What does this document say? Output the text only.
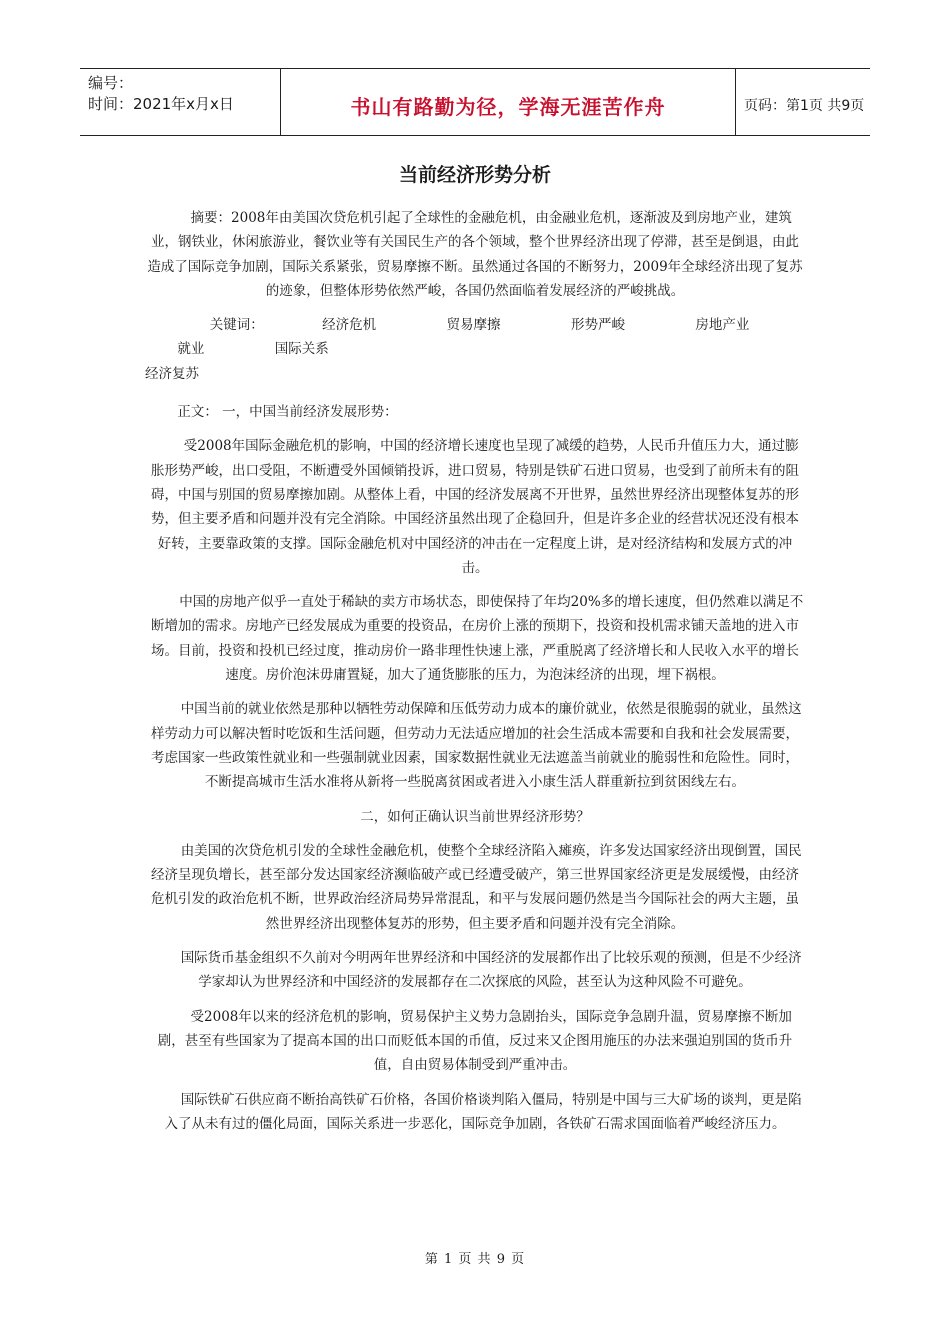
编号：
时间：2021年x月x日	书山有路勤为径，学海无涯苦作舟	页码：第1页 共9页
当前经济形势分析

摘要：2008年由美国次贷危机引起了全球性的金融危机，由金融业危机，逐渐波及到房地产业，建筑业，钢铁业，休闲旅游业，餐饮业等有关国民生产的各个领域，整个世界经济出现了停滞，甚至是倒退，由此造成了国际竞争加剧，国际关系紧张，贸易摩擦不断。虽然通过各国的不断努力，2009年全球经济出现了复苏的迹象，但整体形势依然严峻，各国仍然面临着发展经济的严峻挑战。

关键词：	经济危机	贸易摩擦	形势严峻	房地产业就业	国际关系
经济复苏

正文： 一，中国当前经济发展形势：

受2008年国际金融危机的影响，中国的经济增长速度也呈现了减缓的趋势，人民币升值压力大，通过膨胀形势严峻，出口受阻，不断遭受外国倾销投诉，进口贸易，特别是铁矿石进口贸易，也受到了前所未有的阻碍，中国与别国的贸易摩擦加剧。从整体上看，中国的经济发展离不开世界，虽然世界经济出现整体复苏的形势，但主要矛盾和问题并没有完全消除。中国经济虽然出现了企稳回升，但是许多企业的经营状况还没有根本好转，主要靠政策的支撑。国际金融危机对中国经济的冲击在一定程度上讲，是对经济结构和发展方式的冲击。

中国的房地产似乎一直处于稀缺的卖方市场状态，即使保持了年均20%多的增长速度，但仍然难以满足不断增加的需求。房地产已经发展成为重要的投资品，在房价上涨的预期下，投资和投机需求铺天盖地的进入市场。目前，投资和投机已经过度，推动房价一路非理性快速上涨，严重脱离了经济增长和人民收入水平的增长速度。房价泡沫毋庸置疑，加大了通货膨胀的压力，为泡沫经济的出现，埋下祸根。

中国当前的就业依然是那种以牺牲劳动保障和压低劳动力成本的廉价就业，依然是很脆弱的就业，虽然这样劳动力可以解决暂时吃饭和生活问题，但劳动力无法适应增加的社会生活成本需要和自我和社会发展需要，考虑国家一些政策性就业和一些强制就业因素，国家数据性就业无法遮盖当前就业的脆弱性和危险性。同时，不断提高城市生活水准将从新将一些脱离贫困或者进入小康生活人群重新拉到贫困线左右。

二，如何正确认识当前世界经济形势？

由美国的次贷危机引发的全球性金融危机，使整个全球经济陷入瘫痪，许多发达国家经济出现倒置，国民经济呈现负增长，甚至部分发达国家经济濒临破产或已经遭受破产，第三世界国家经济更是发展缓慢，由经济危机引发的政治危机不断，世界政治经济局势异常混乱，和平与发展问题仍然是当今国际社会的两大主题，虽然世界经济出现整体复苏的形势，但主要矛盾和问题并没有完全消除。

国际货币基金组织不久前对今明两年世界经济和中国经济的发展都作出了比较乐观的预测，但是不少经济学家却认为世界经济和中国经济的发展都存在二次探底的风险，甚至认为这种风险不可避免。

受2008年以来的经济危机的影响，贸易保护主义势力急剧抬头，国际竞争急剧升温，贸易摩擦不断加剧，甚至有些国家为了提高本国的出口而贬低本国的币值，反过来又企图用施压的办法来强迫别国的货币升值，自由贸易体制受到严重冲击。

国际铁矿石供应商不断抬高铁矿石价格，各国价格谈判陷入僵局，特别是中国与三大矿场的谈判，更是陷入了从未有过的僵化局面，国际关系进一步恶化，国际竞争加剧，各铁矿石需求国面临着严峻经济压力。

第 1 页 共 9 页
